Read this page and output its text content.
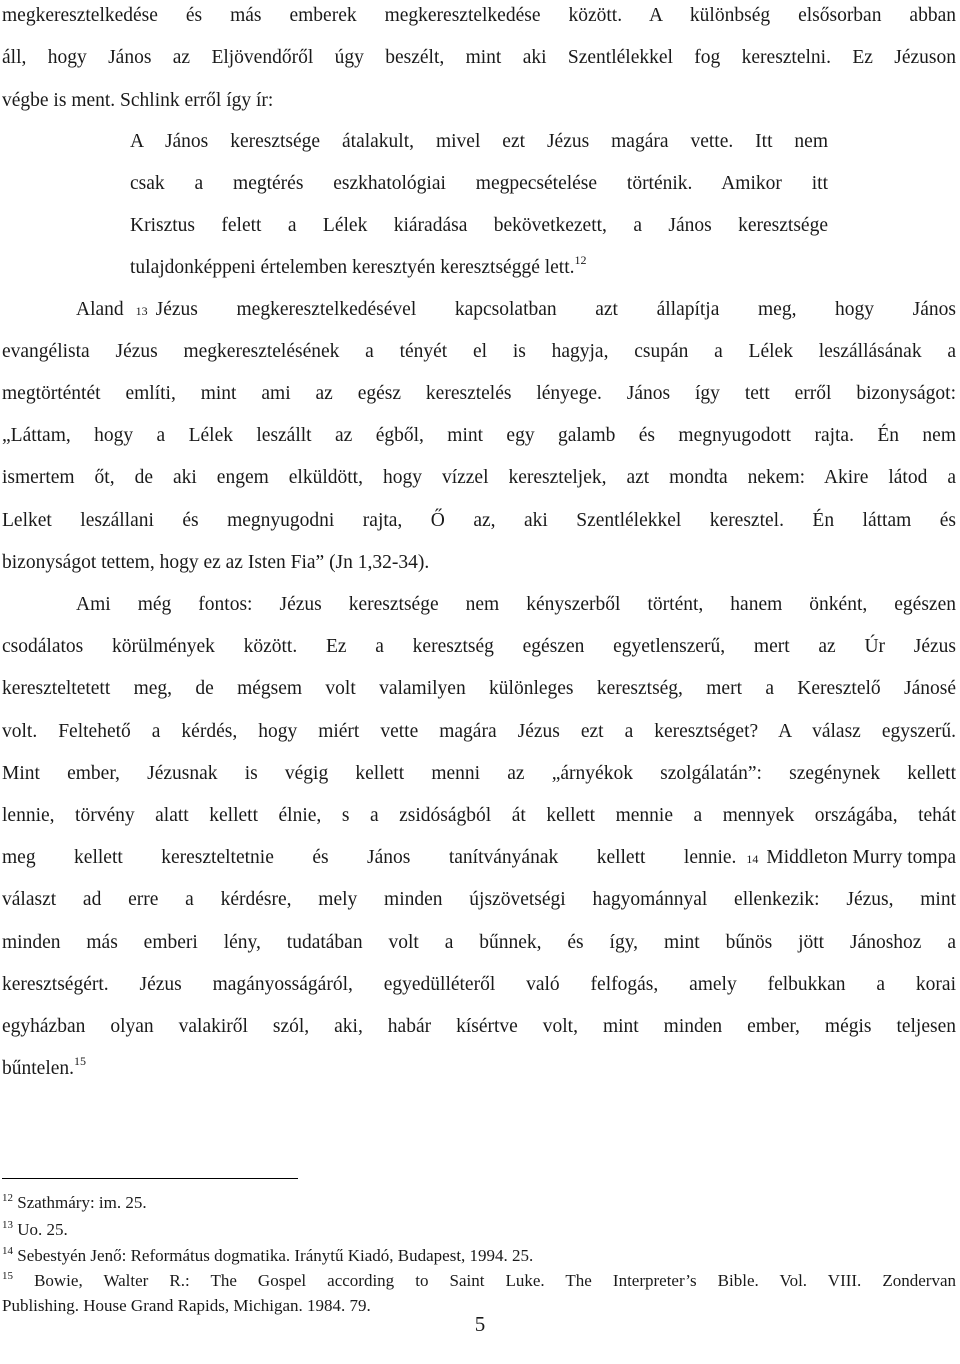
megkeresztelkedése és más emberek megkeresztelkedése között. A különbség elsősorban abban
áll, hogy János az Eljövendőről úgy beszélt, mint aki Szentlélekkel fog keresztelni. Ez Jézuson
végbe is ment. Schlink erről így ír:
A János keresztsége átalakult, mivel ezt Jézus magára vette. Itt nem
csak a megtérés eszkhatológiai megpecsételése történik. Amikor itt
Krisztus felett a Lélek kiáradása bekövetkezett, a János keresztsége
tulajdonképpeni értelemben keresztyén keresztséggé lett.$^{12}$
Aland 13 Jézus megkeresztelkedésével kapcsolatban azt állapítja meg, hogy János
evangélista Jézus megkeresztelésének a tényét el is hagyja, csupán a Lélek leszállásának a
megtörténtét említi, mint ami az egész keresztelés lényege. János így tett erről bizonyságot:
„Láttam, hogy a Lélek leszállt az égből, mint egy galamb és megnyugodott rajta. Én nem
ismertem őt, de aki engem elküldött, hogy vízzel kereszteljek, azt mondta nekem: Akire látod a
Lelket leszállani és megnyugodni rajta, Ő az, aki Szentlélekkel keresztel. Én láttam és
bizonyságot tettem, hogy ez az Isten Fia” (Jn 1,32-34).
Ami még fontos: Jézus keresztsége nem kényszerből történt, hanem önként, egészen
csodálatos körülmények között. Ez a keresztség egészen egyetlenszerű, mert az Úr Jézus
kereszteltetett meg, de mégsem volt valamilyen különleges keresztség, mert a Keresztelő Jánosé
volt. Feltehető a kérdés, hogy miért vette magára Jézus ezt a keresztséget? A válasz egyszerű.
Mint ember, Jézusnak is végig kellett menni az „árnyékok szolgálatán”: szegénynek kellett
lennie, törvény alatt kellett élnie, s a zsidóságból át kellett mennie a mennyek országába, tehát
meg kellett kereszteltetnie és János tanítványának kellett lennie. 14 Middleton Murry tompa
választ ad erre a kérdésre, mely minden újszövetségi hagyománnyal ellenkezik: Jézus, mint
minden más emberi lény, tudatában volt a bűnnek, és így, mint bűnös jött Jánoshoz a
keresztségért. Jézus magányosságáról, egyedülléteről való felfogás, amely felbukkan a korai
egyházban olyan valakiről szól, aki, habár kísértve volt, mint minden ember, mégis teljesen
bűntelen.$^{15}$
$^{12}$ Szathmáry: im. 25.
$^{13}$ Uo. 25.
$^{14}$ Sebestyén Jenő: Református dogmatika. Iránytű Kiadó, Budapest, 1994. 25.
$^{15}$ Bowie, Walter R.: The Gospel according to Saint Luke. The Interpreter’s Bible. Vol. VIII. Zondervan
Publishing. House Grand Rapids, Michigan. 1984. 79.
5
